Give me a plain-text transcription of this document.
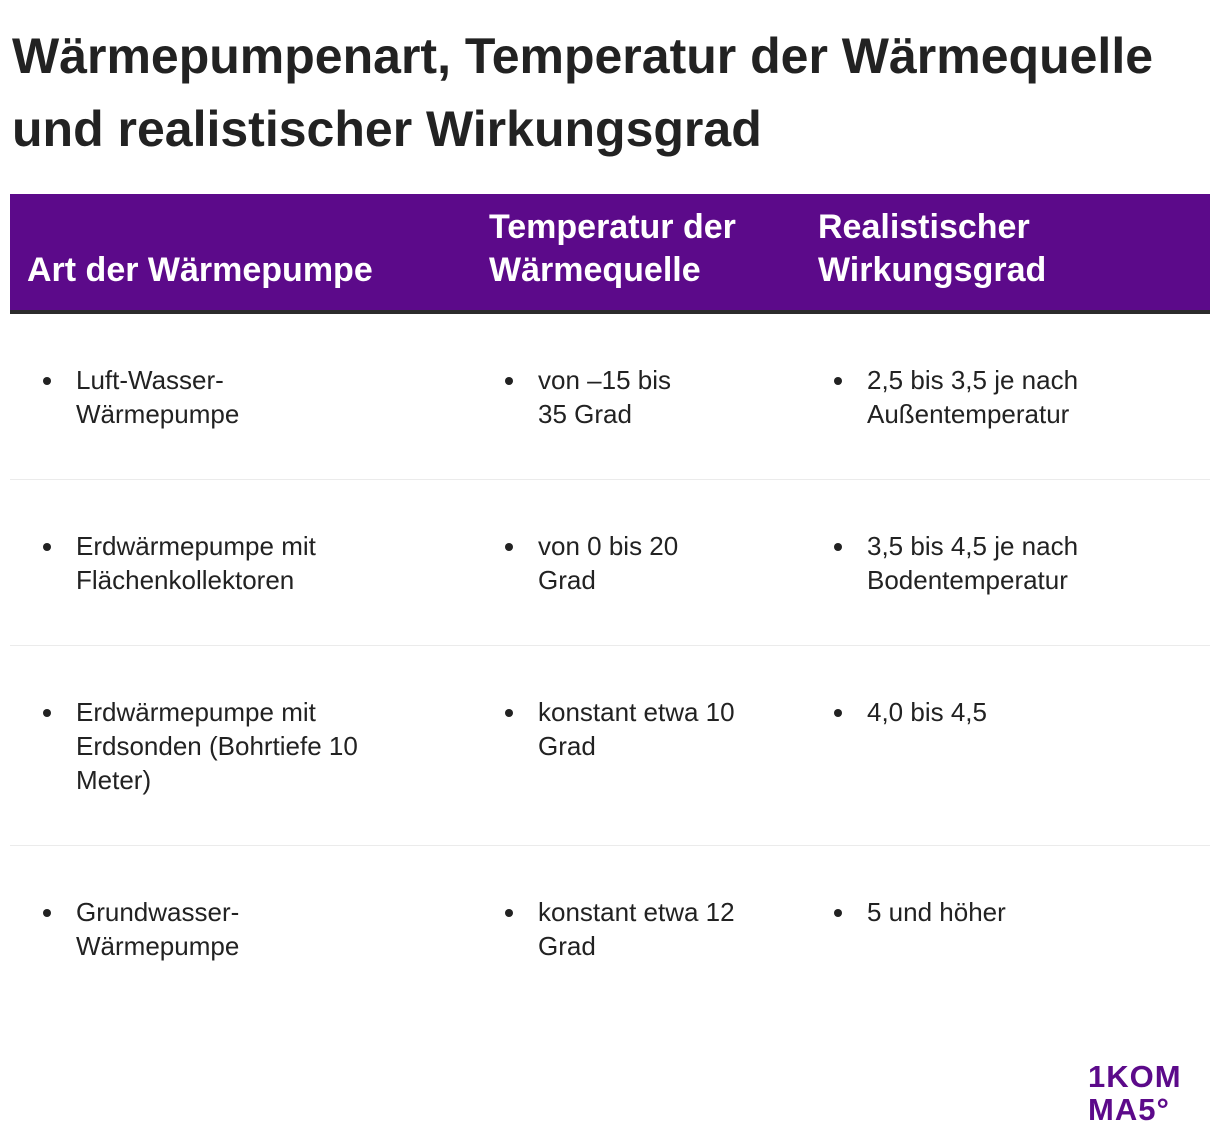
Wärmepumpenart, Temperatur der Wärmequelle und realistischer Wirkungsgrad
Art der Wärmepumpe
Temperatur der Wärmequelle
Realistischer Wirkungsgrad
Luft-Wasser-Wärmepumpe
von –15 bis 35 Grad
2,5 bis 3,5 je nach Außentemperatur
Erdwärmepumpe mit Flächenkollektoren
von 0 bis 20 Grad
3,5 bis 4,5 je nach Bodentemperatur
Erdwärmepumpe mit Erdsonden (Bohrtiefe 10 Meter)
konstant etwa 10 Grad
4,0 bis 4,5
Grundwasser-Wärmepumpe
konstant etwa 12 Grad
5 und höher
1KOM
MA5°
